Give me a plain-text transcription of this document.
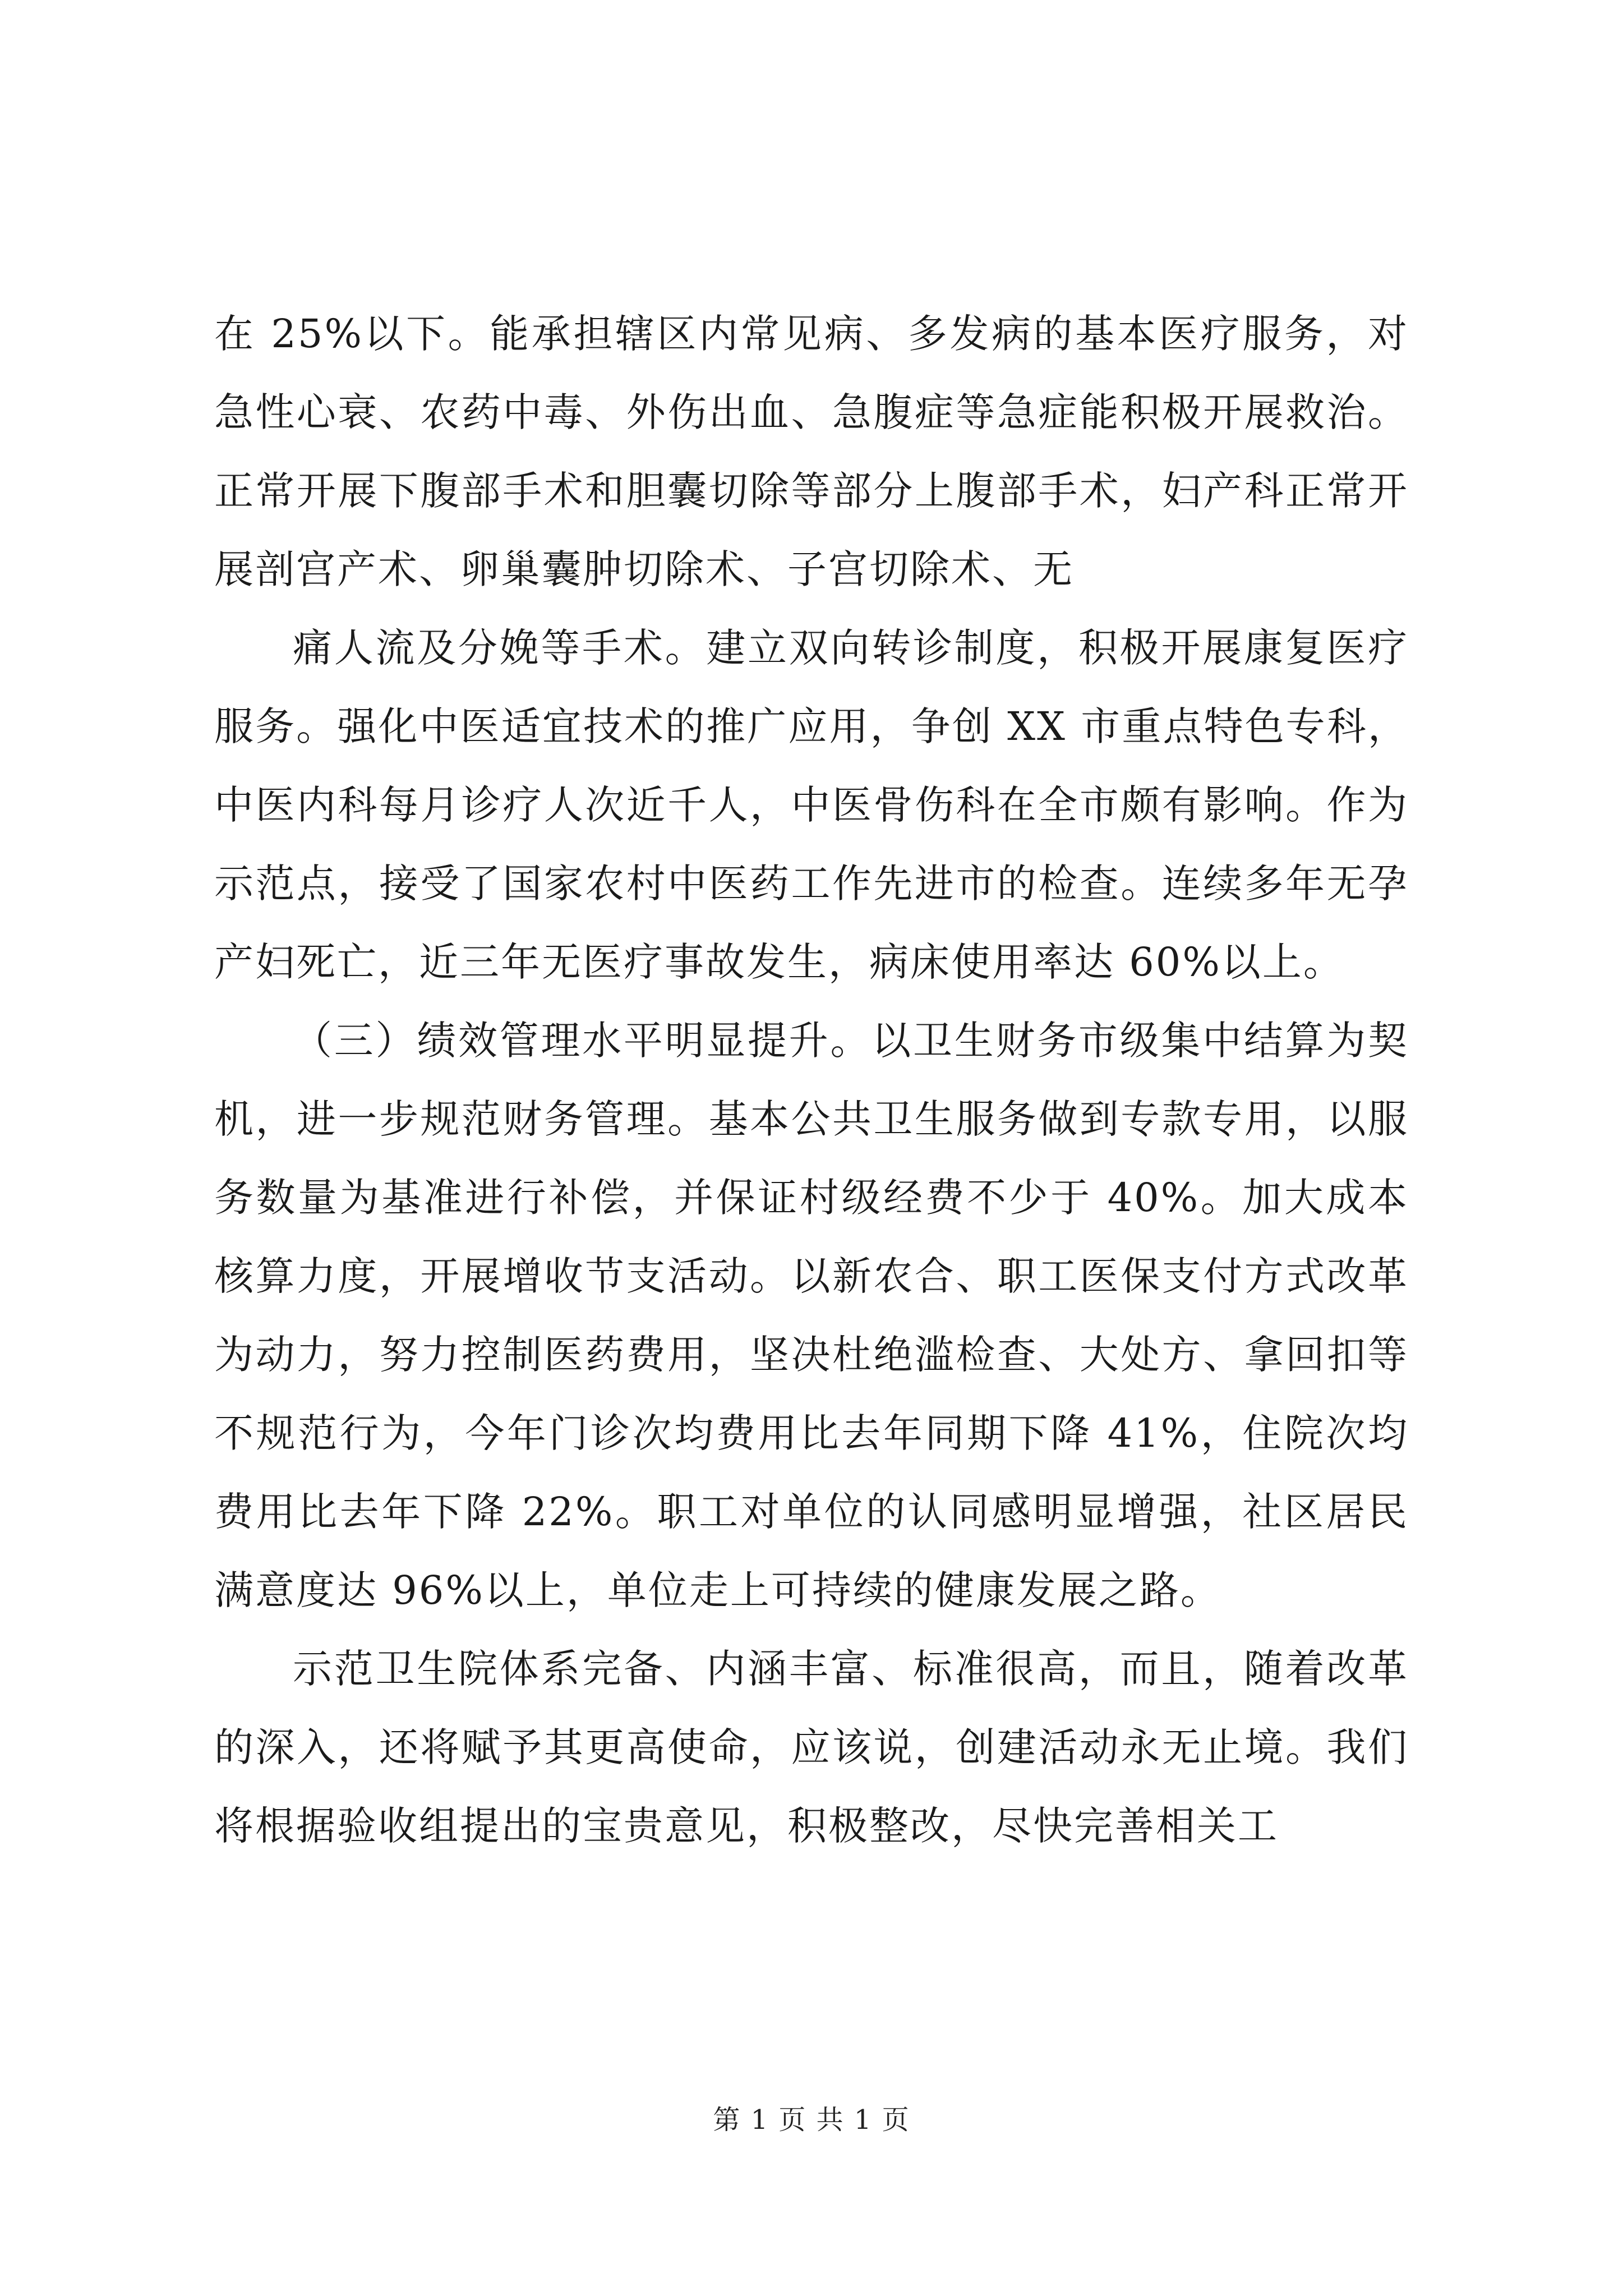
在 25%以下。能承担辖区内常见病、多发病的基本医疗服务，对急性心衰、农药中毒、外伤出血、急腹症等急症能积极开展救治。正常开展下腹部手术和胆囊切除等部分上腹部手术，妇产科正常开展剖宫产术、卵巢囊肿切除术、子宫切除术、无

痛人流及分娩等手术。建立双向转诊制度，积极开展康复医疗服务。强化中医适宜技术的推广应用，争创 XX 市重点特色专科，中医内科每月诊疗人次近千人，中医骨伤科在全市颇有影响。作为示范点，接受了国家农村中医药工作先进市的检查。连续多年无孕产妇死亡，近三年无医疗事故发生，病床使用率达 60%以上。

（三）绩效管理水平明显提升。以卫生财务市级集中结算为契机，进一步规范财务管理。基本公共卫生服务做到专款专用，以服务数量为基准进行补偿，并保证村级经费不少于 40%。加大成本核算力度，开展增收节支活动。以新农合、职工医保支付方式改革为动力，努力控制医药费用，坚决杜绝滥检查、大处方、拿回扣等不规范行为，今年门诊次均费用比去年同期下降 41%，住院次均费用比去年下降 22%。职工对单位的认同感明显增强，社区居民满意度达 96%以上，单位走上可持续的健康发展之路。

示范卫生院体系完备、内涵丰富、标准很高，而且，随着改革的深入，还将赋予其更高使命，应该说，创建活动永无止境。我们将根据验收组提出的宝贵意见，积极整改，尽快完善相关工

第 1 页 共 1 页
